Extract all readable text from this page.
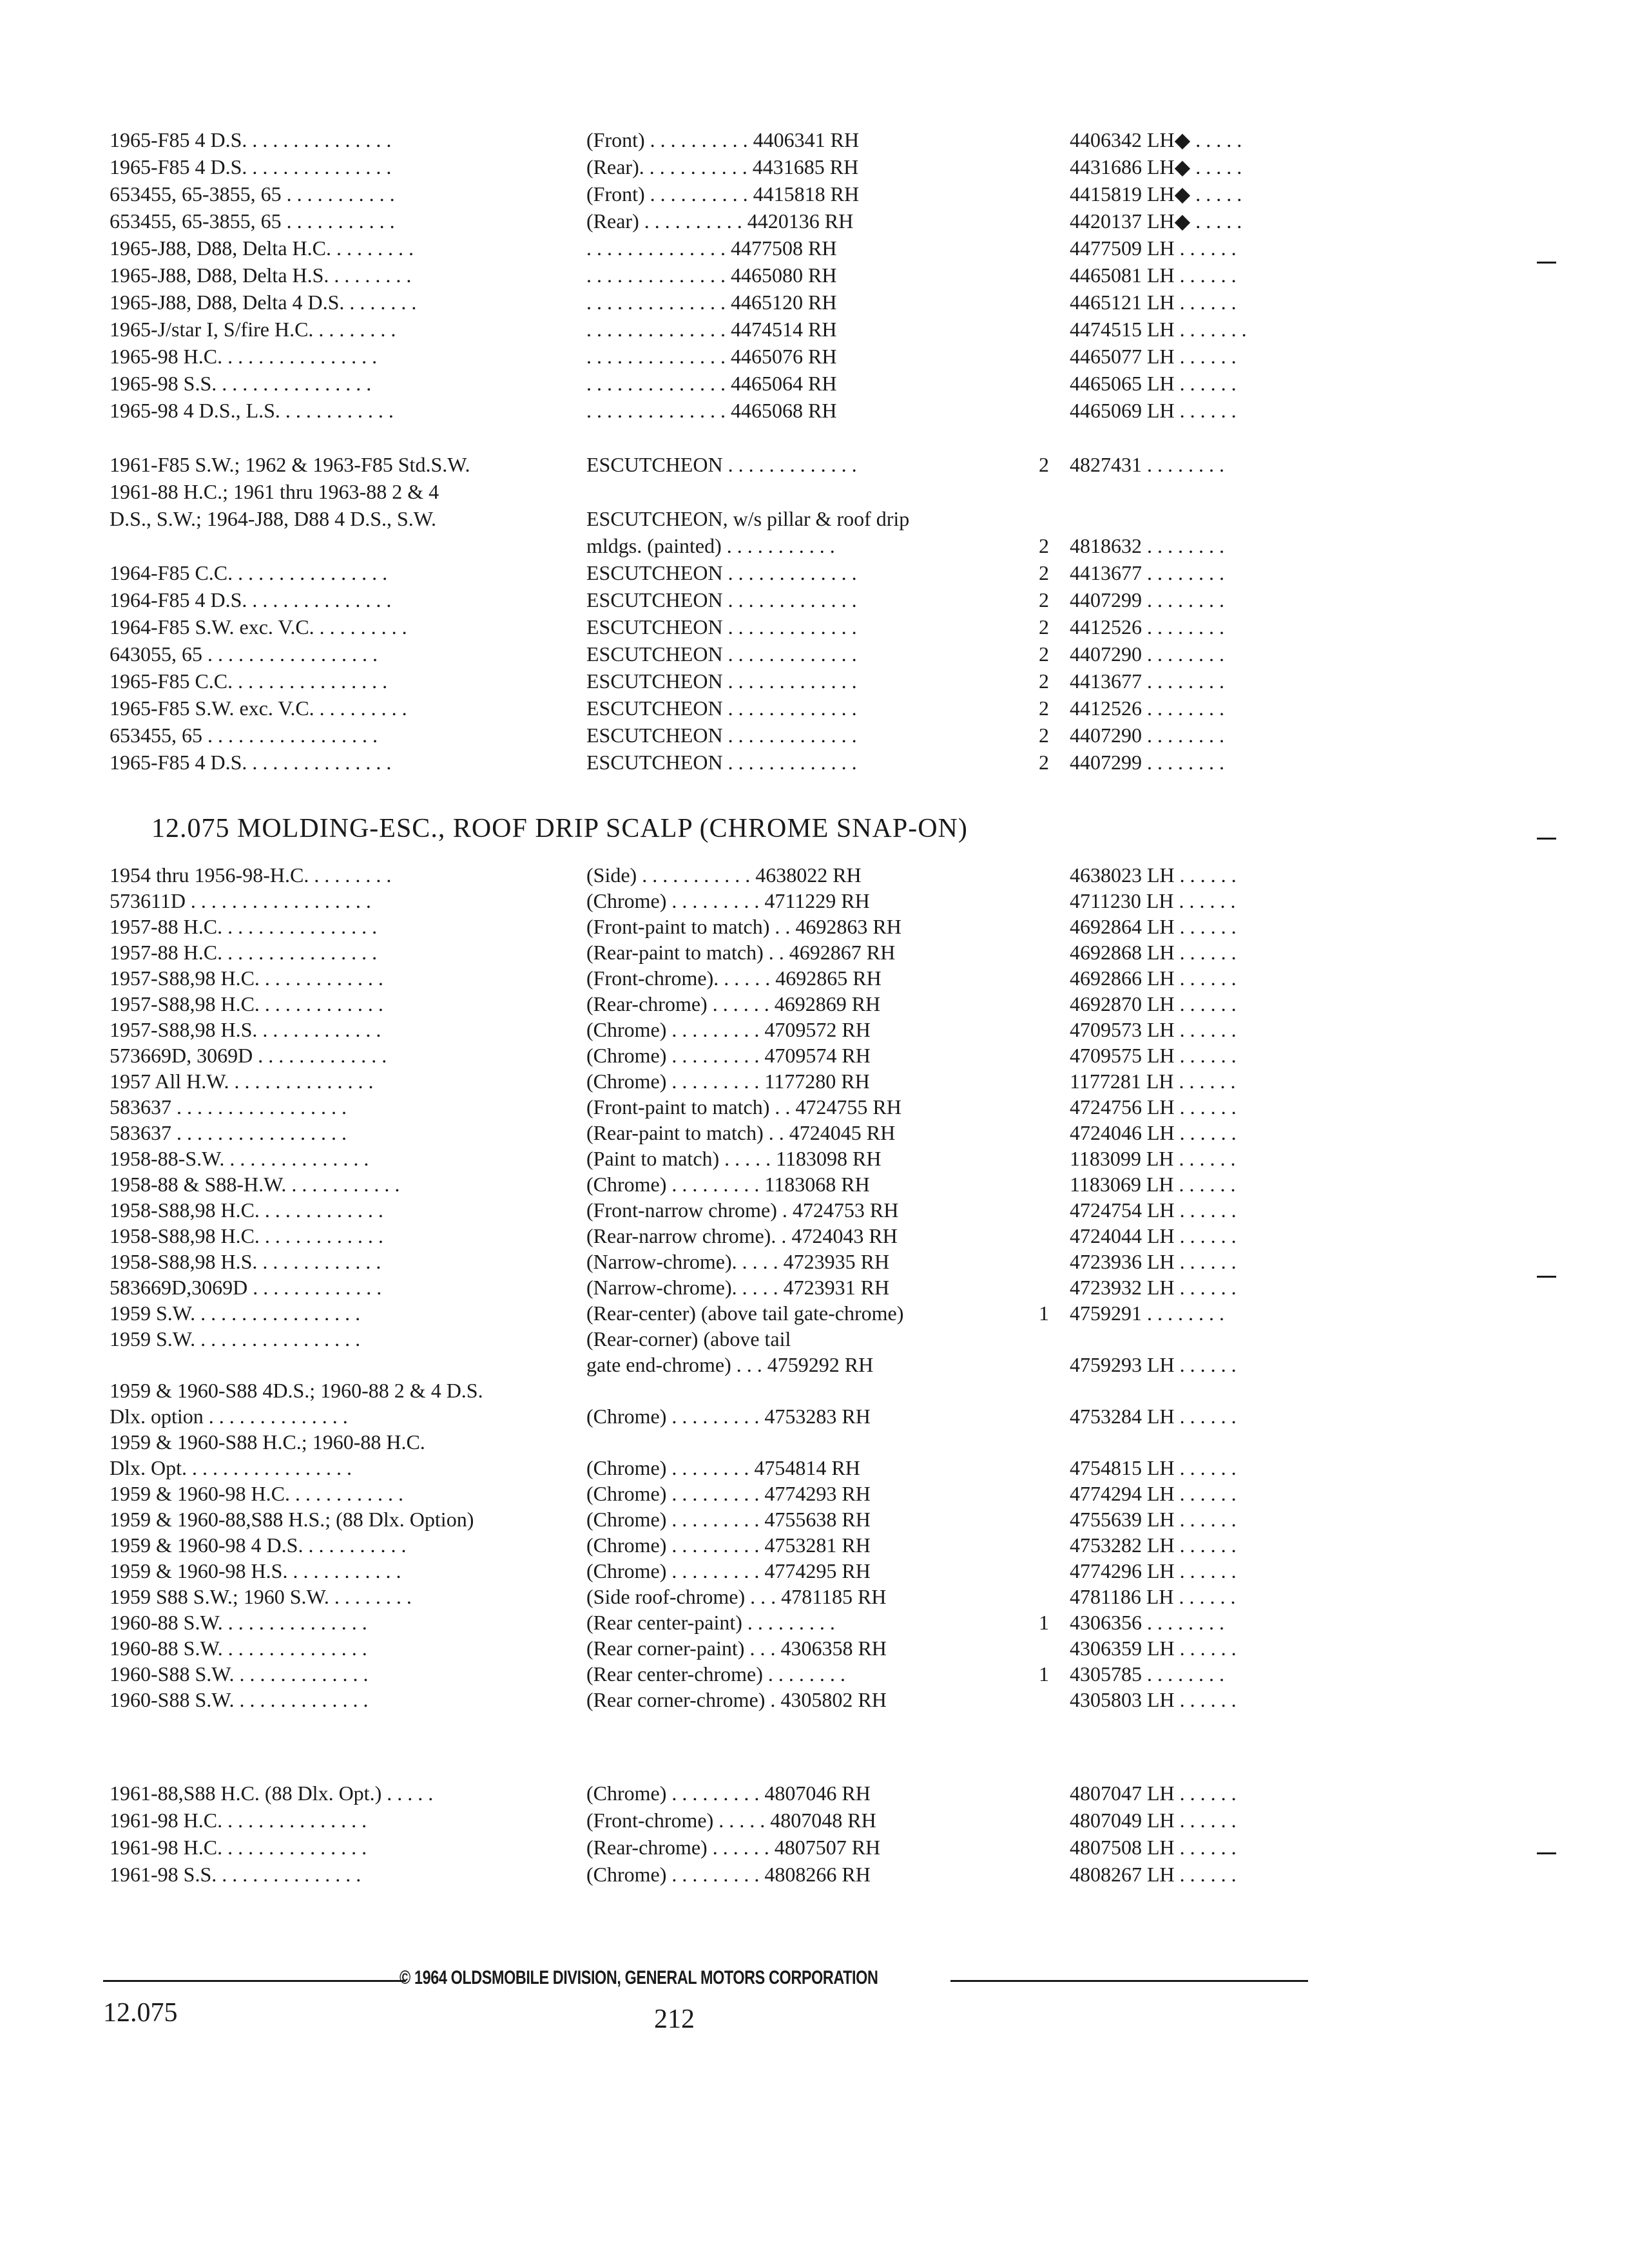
1965-F85 4 D.S. . . . . . . . . . . . . . .	(Front) . . . . . . . . . . 4406341 RH	4406342 LH◆ . . . . .
1965-F85 4 D.S. . . . . . . . . . . . . . .	(Rear). . . . . . . . . . . 4431685 RH	4431686 LH◆ . . . . .
653455, 65-3855, 65 . . . . . . . . . . .	(Front) . . . . . . . . . . 4415818 RH	4415819 LH◆ . . . . .
653455, 65-3855, 65 . . . . . . . . . . .	(Rear) . . . . . . . . . . 4420136 RH	4420137 LH◆ . . . . .
1965-J88, D88, Delta H.C. . . . . . . . .	. . . . . . . . . . . . . . 4477508 RH	4477509 LH . . . . . .
1965-J88, D88, Delta H.S. . . . . . . . .	. . . . . . . . . . . . . . 4465080 RH	4465081 LH . . . . . .
1965-J88, D88, Delta 4 D.S. . . . . . . .	. . . . . . . . . . . . . . 4465120 RH	4465121 LH . . . . . .
1965-J/star I, S/fire H.C. . . . . . . . .	. . . . . . . . . . . . . . 4474514 RH	4474515 LH . . . . . . .
1965-98 H.C. . . . . . . . . . . . . . . .	. . . . . . . . . . . . . . 4465076 RH	4465077 LH . . . . . .
1965-98 S.S. . . . . . . . . . . . . . . .	. . . . . . . . . . . . . . 4465064 RH	4465065 LH . . . . . .
1965-98 4 D.S., L.S. . . . . . . . . . . .	. . . . . . . . . . . . . . 4465068 RH	4465069 LH . . . . . .
1961-F85 S.W.; 1962 & 1963-F85 Std.S.W.	ESCUTCHEON . . . . . . . . . . . . .	2	4827431 . . . . . . . .
1961-88 H.C.; 1961 thru 1963-88 2 & 4
D.S., S.W.; 1964-J88, D88 4 D.S., S.W.	ESCUTCHEON, w/s pillar & roof drip
mldgs. (painted) . . . . . . . . . . .	2	4818632 . . . . . . . .
1964-F85 C.C. . . . . . . . . . . . . . . .	ESCUTCHEON . . . . . . . . . . . . .	2	4413677 . . . . . . . .
1964-F85 4 D.S. . . . . . . . . . . . . . .	ESCUTCHEON . . . . . . . . . . . . .	2	4407299 . . . . . . . .
1964-F85 S.W. exc. V.C. . . . . . . . . .	ESCUTCHEON . . . . . . . . . . . . .	2	4412526 . . . . . . . .
643055, 65 . . . . . . . . . . . . . . . . .	ESCUTCHEON . . . . . . . . . . . . .	2	4407290 . . . . . . . .
1965-F85 C.C. . . . . . . . . . . . . . . .	ESCUTCHEON . . . . . . . . . . . . .	2	4413677 . . . . . . . .
1965-F85 S.W. exc. V.C. . . . . . . . . .	ESCUTCHEON . . . . . . . . . . . . .	2	4412526 . . . . . . . .
653455, 65 . . . . . . . . . . . . . . . . .	ESCUTCHEON . . . . . . . . . . . . .	2	4407290 . . . . . . . .
1965-F85 4 D.S. . . . . . . . . . . . . . .	ESCUTCHEON . . . . . . . . . . . . .	2	4407299 . . . . . . . .
12.075 MOLDING-ESC., ROOF DRIP SCALP (CHROME SNAP-ON)
1954 thru 1956-98-H.C. . . . . . . . .	(Side) . . . . . . . . . . . 4638022 RH	4638023 LH . . . . . .
573611D . . . . . . . . . . . . . . . . . .	(Chrome) . . . . . . . . . 4711229 RH	4711230 LH . . . . . .
1957-88 H.C. . . . . . . . . . . . . . . .	(Front-paint to match) . . 4692863 RH	4692864 LH . . . . . .
1957-88 H.C. . . . . . . . . . . . . . . .	(Rear-paint to match) . . 4692867 RH	4692868 LH . . . . . .
1957-S88,98 H.C. . . . . . . . . . . . .	(Front-chrome). . . . . . 4692865 RH	4692866 LH . . . . . .
1957-S88,98 H.C. . . . . . . . . . . . .	(Rear-chrome) . . . . . . 4692869 RH	4692870 LH . . . . . .
1957-S88,98 H.S. . . . . . . . . . . . .	(Chrome) . . . . . . . . . 4709572 RH	4709573 LH . . . . . .
573669D, 3069D . . . . . . . . . . . . .	(Chrome) . . . . . . . . . 4709574 RH	4709575 LH . . . . . .
1957 All H.W. . . . . . . . . . . . . . .	(Chrome) . . . . . . . . . 1177280 RH	1177281 LH . . . . . .
583637 . . . . . . . . . . . . . . . . .	(Front-paint to match) . . 4724755 RH	4724756 LH . . . . . .
583637 . . . . . . . . . . . . . . . . .	(Rear-paint to match) . . 4724045 RH	4724046 LH . . . . . .
1958-88-S.W. . . . . . . . . . . . . . .	(Paint to match) . . . . . 1183098 RH	1183099 LH . . . . . .
1958-88 & S88-H.W. . . . . . . . . . . .	(Chrome) . . . . . . . . . 1183068 RH	1183069 LH . . . . . .
1958-S88,98 H.C. . . . . . . . . . . . .	(Front-narrow chrome) . 4724753 RH	4724754 LH . . . . . .
1958-S88,98 H.C. . . . . . . . . . . . .	(Rear-narrow chrome). . 4724043 RH	4724044 LH . . . . . .
1958-S88,98 H.S. . . . . . . . . . . . .	(Narrow-chrome). . . . . 4723935 RH	4723936 LH . . . . . .
583669D,3069D . . . . . . . . . . . . .	(Narrow-chrome). . . . . 4723931 RH	4723932 LH . . . . . .
1959 S.W. . . . . . . . . . . . . . . . .	(Rear-center) (above tail gate-chrome)	1	4759291 . . . . . . . .
1959 S.W. . . . . . . . . . . . . . . . .	(Rear-corner) (above tail
gate end-chrome) . . . 4759292 RH	4759293 LH . . . . . .
1959 & 1960-S88 4D.S.; 1960-88 2 & 4 D.S.
Dlx. option . . . . . . . . . . . . . .	(Chrome) . . . . . . . . . 4753283 RH	4753284 LH . . . . . .
1959 & 1960-S88 H.C.; 1960-88 H.C.
Dlx. Opt. . . . . . . . . . . . . . . . .	(Chrome) . . . . . . . . 4754814 RH	4754815 LH . . . . . .
1959 & 1960-98 H.C. . . . . . . . . . . .	(Chrome) . . . . . . . . . 4774293 RH	4774294 LH . . . . . .
1959 & 1960-88,S88 H.S.; (88 Dlx. Option)	(Chrome) . . . . . . . . . 4755638 RH	4755639 LH . . . . . .
1959 & 1960-98 4 D.S. . . . . . . . . . .	(Chrome) . . . . . . . . . 4753281 RH	4753282 LH . . . . . .
1959 & 1960-98 H.S. . . . . . . . . . . .	(Chrome) . . . . . . . . . 4774295 RH	4774296 LH . . . . . .
1959 S88 S.W.; 1960 S.W. . . . . . . . .	(Side roof-chrome) . . . 4781185 RH	4781186 LH . . . . . .
1960-88 S.W. . . . . . . . . . . . . . .	(Rear center-paint) . . . . . . . . .	1	4306356 . . . . . . . .
1960-88 S.W. . . . . . . . . . . . . . .	(Rear corner-paint) . . . 4306358 RH	4306359 LH . . . . . .
1960-S88 S.W. . . . . . . . . . . . . .	(Rear center-chrome) . . . . . . . .	1	4305785 . . . . . . . .
1960-S88 S.W. . . . . . . . . . . . . .	(Rear corner-chrome) . 4305802 RH	4305803 LH . . . . . .
1961-88,S88 H.C. (88 Dlx. Opt.) . . . . .	(Chrome) . . . . . . . . . 4807046 RH	4807047 LH . . . . . .
1961-98 H.C. . . . . . . . . . . . . . .	(Front-chrome) . . . . . 4807048 RH	4807049 LH . . . . . .
1961-98 H.C. . . . . . . . . . . . . . .	(Rear-chrome) . . . . . . 4807507 RH	4807508 LH . . . . . .
1961-98 S.S. . . . . . . . . . . . . . .	(Chrome) . . . . . . . . . 4808266 RH	4808267 LH . . . . . .
© 1964 OLDSMOBILE DIVISION, GENERAL MOTORS CORPORATION
12.075	212
